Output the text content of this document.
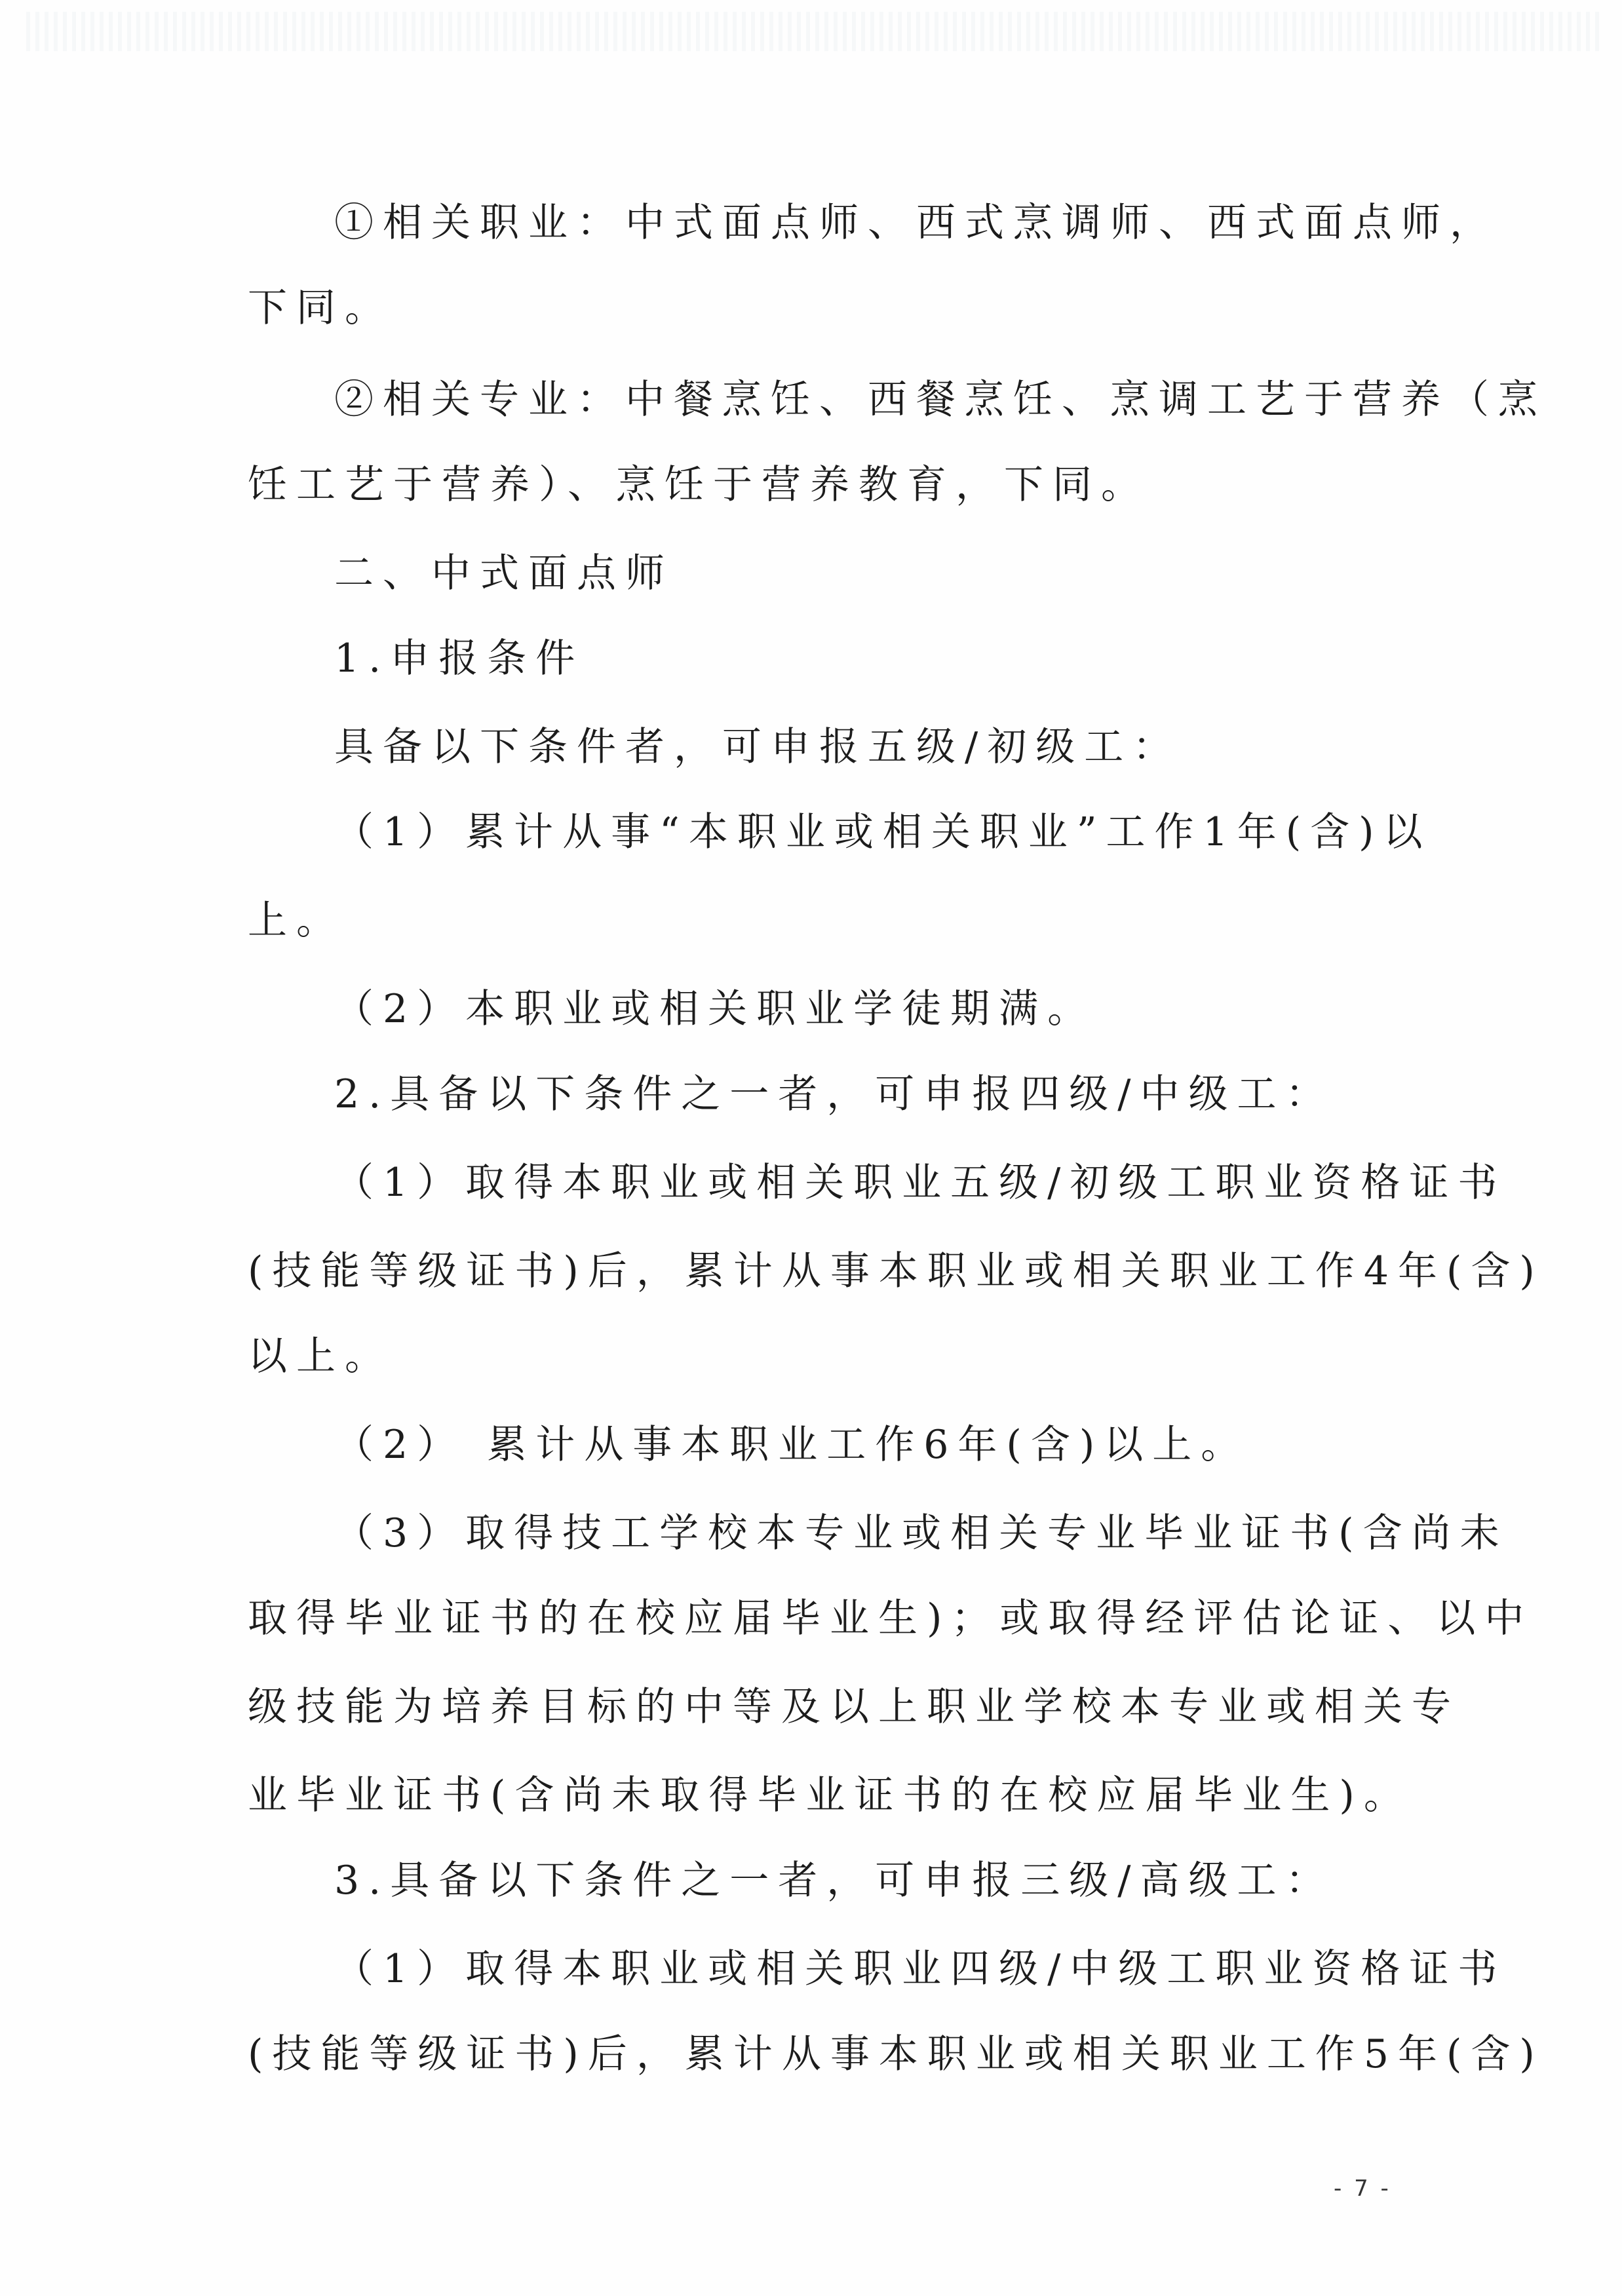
①相关职业：中式面点师、西式烹调师、西式面点师，
下同。
②相关专业：中餐烹饪、西餐烹饪、烹调工艺于营养（烹
饪工艺于营养）、烹饪于营养教育，下同。
二、中式面点师
1.申报条件
具备以下条件者，可申报五级/初级工：
（1）累计从事“本职业或相关职业”工作1年(含)以
上。
（2）本职业或相关职业学徒期满。
2.具备以下条件之一者，可申报四级/中级工：
（1）取得本职业或相关职业五级/初级工职业资格证书
(技能等级证书)后，累计从事本职业或相关职业工作4年(含)
以上。
（2） 累计从事本职业工作6年(含)以上。
（3）取得技工学校本专业或相关专业毕业证书(含尚未
取得毕业证书的在校应届毕业生)；或取得经评估论证、以中
级技能为培养目标的中等及以上职业学校本专业或相关专
业毕业证书(含尚未取得毕业证书的在校应届毕业生)。
3.具备以下条件之一者，可申报三级/高级工：
（1）取得本职业或相关职业四级/中级工职业资格证书
(技能等级证书)后，累计从事本职业或相关职业工作5年(含)
- 7 -
